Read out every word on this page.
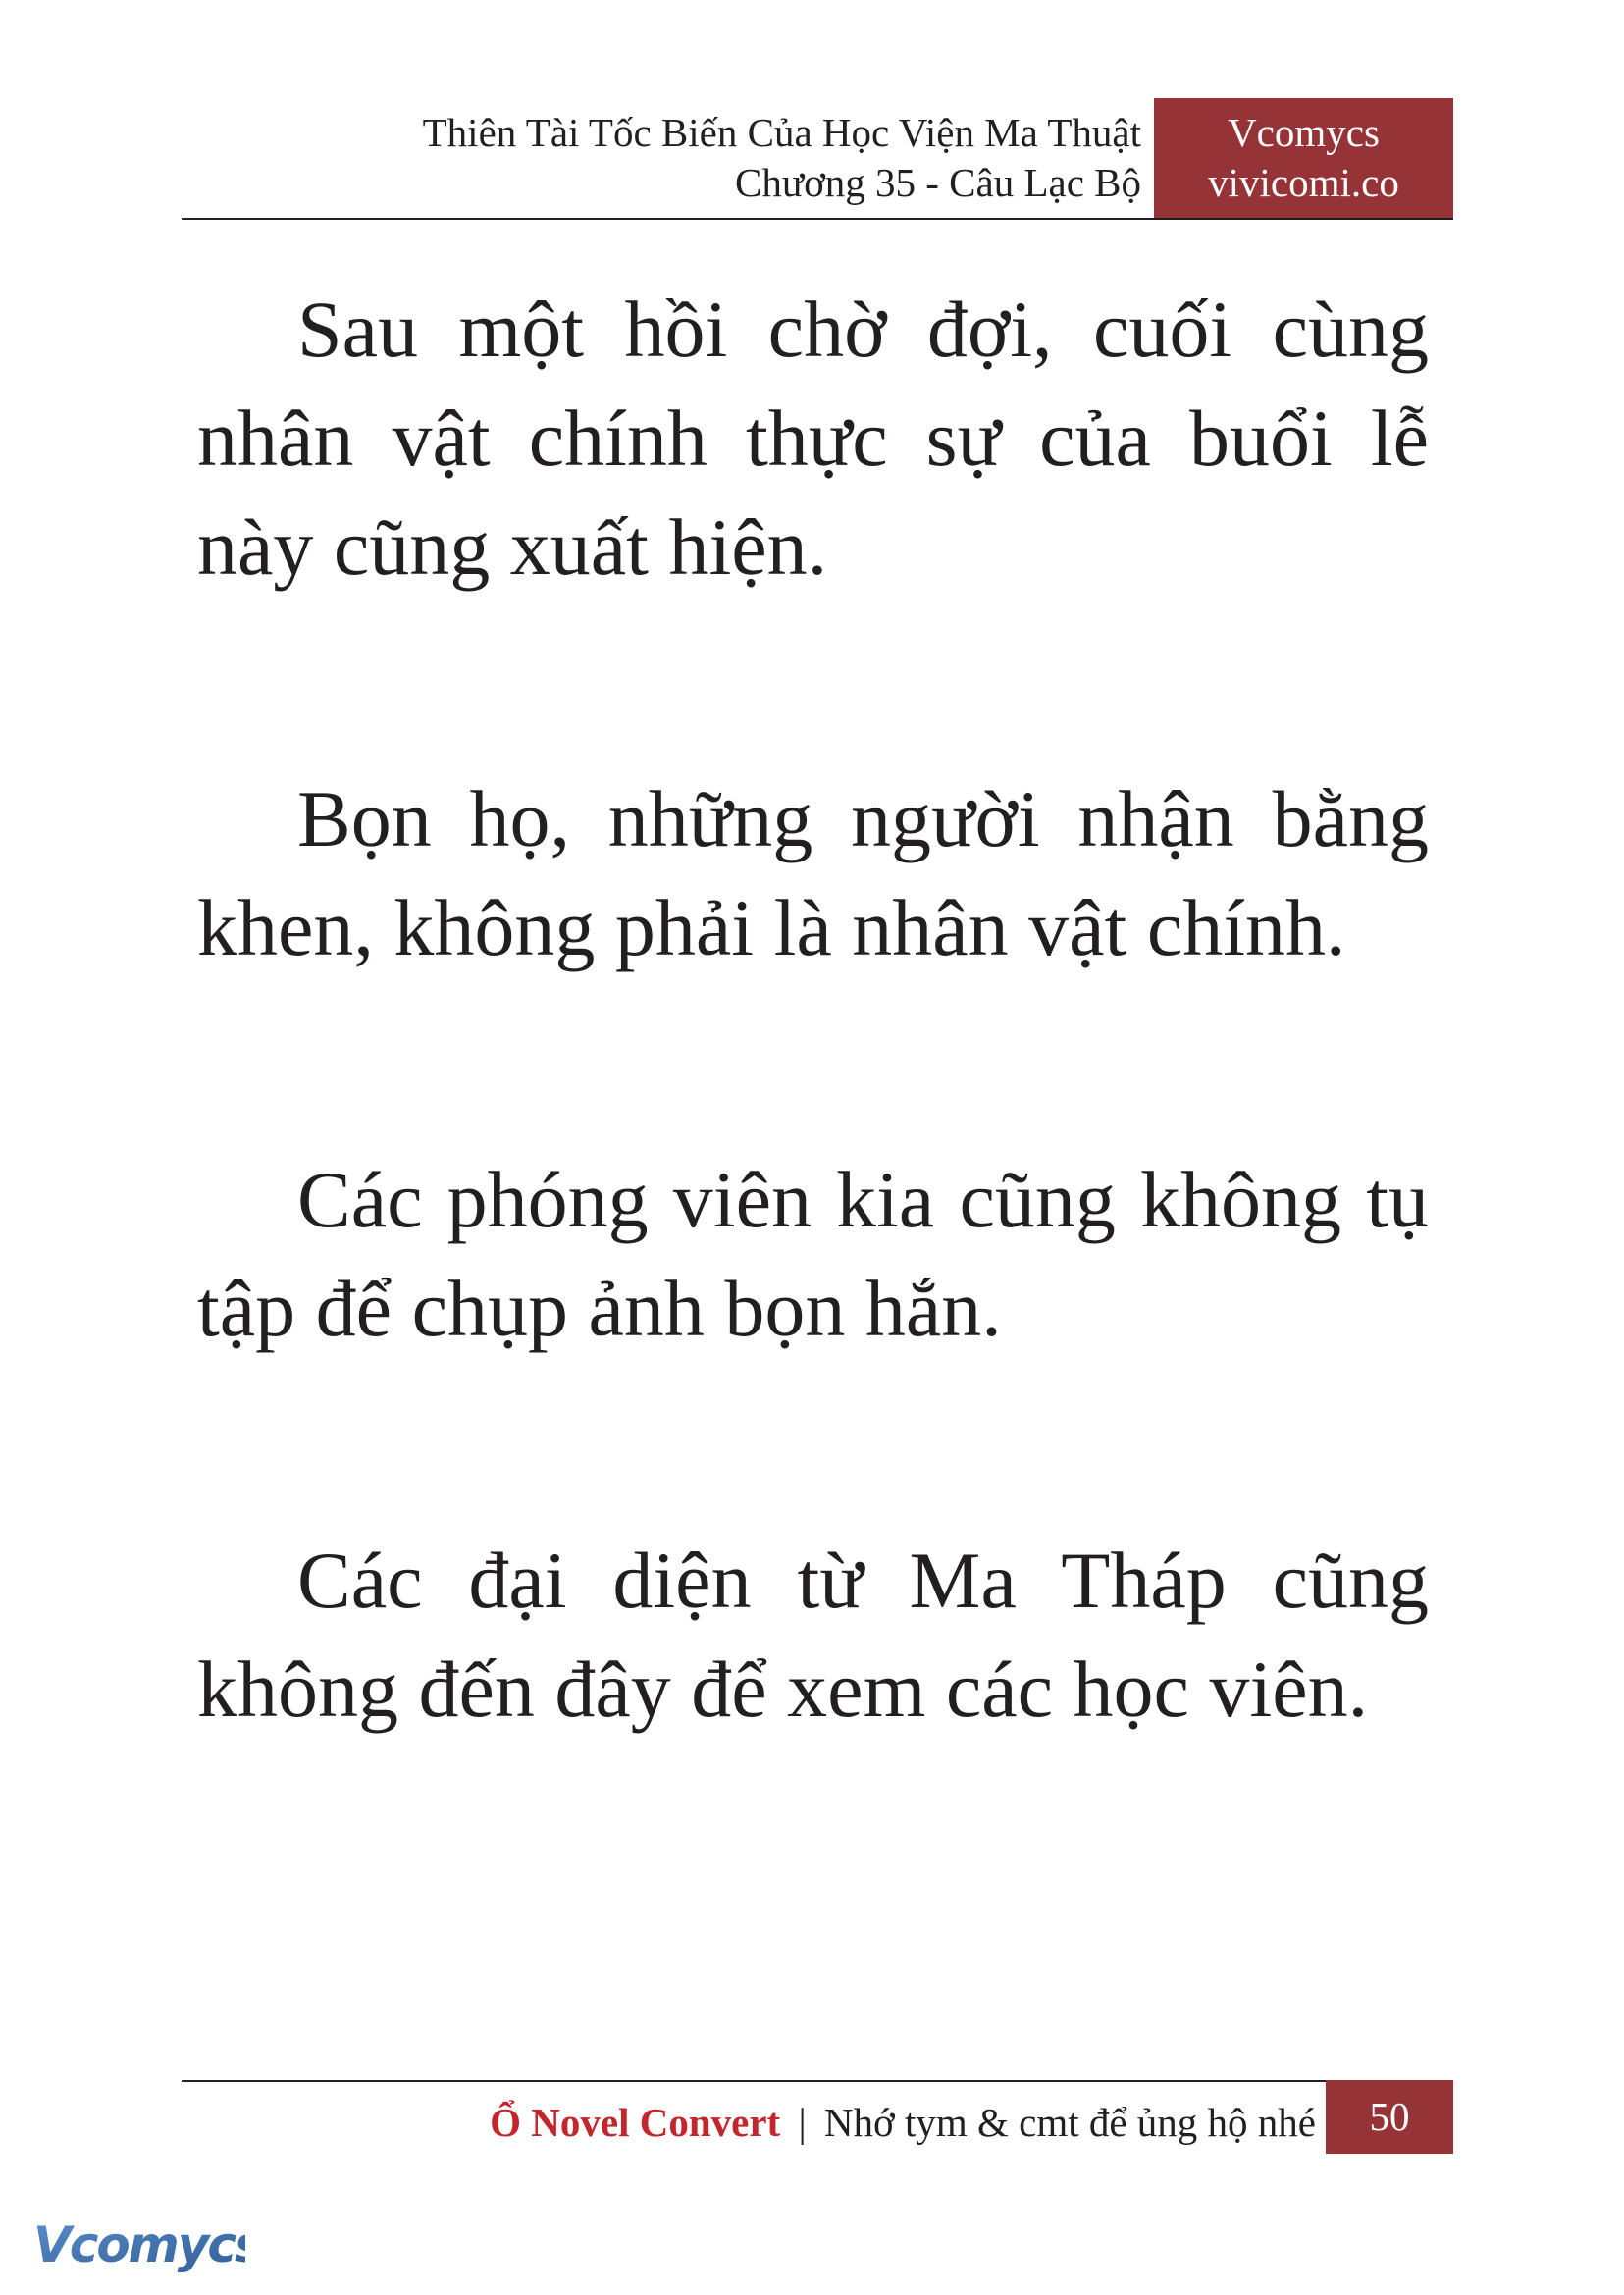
Thiên Tài Tốc Biến Của Học Viện Ma Thuật
Chương 35 - Câu Lạc Bộ
Vcomycs
vivicomi.co

Sau một hồi chờ đợi, cuối cùng nhân vật chính thực sự của buổi lễ này cũng xuất hiện.

Bọn họ, những người nhận bằng khen, không phải là nhân vật chính.

Các phóng viên kia cũng không tụ tập để chụp ảnh bọn hắn.

Các đại diện từ Ma Tháp cũng không đến đây để xem các học viên.

Ổ Novel Convert | Nhớ tym & cmt để ủng hộ nhé	50
Vcomycs
